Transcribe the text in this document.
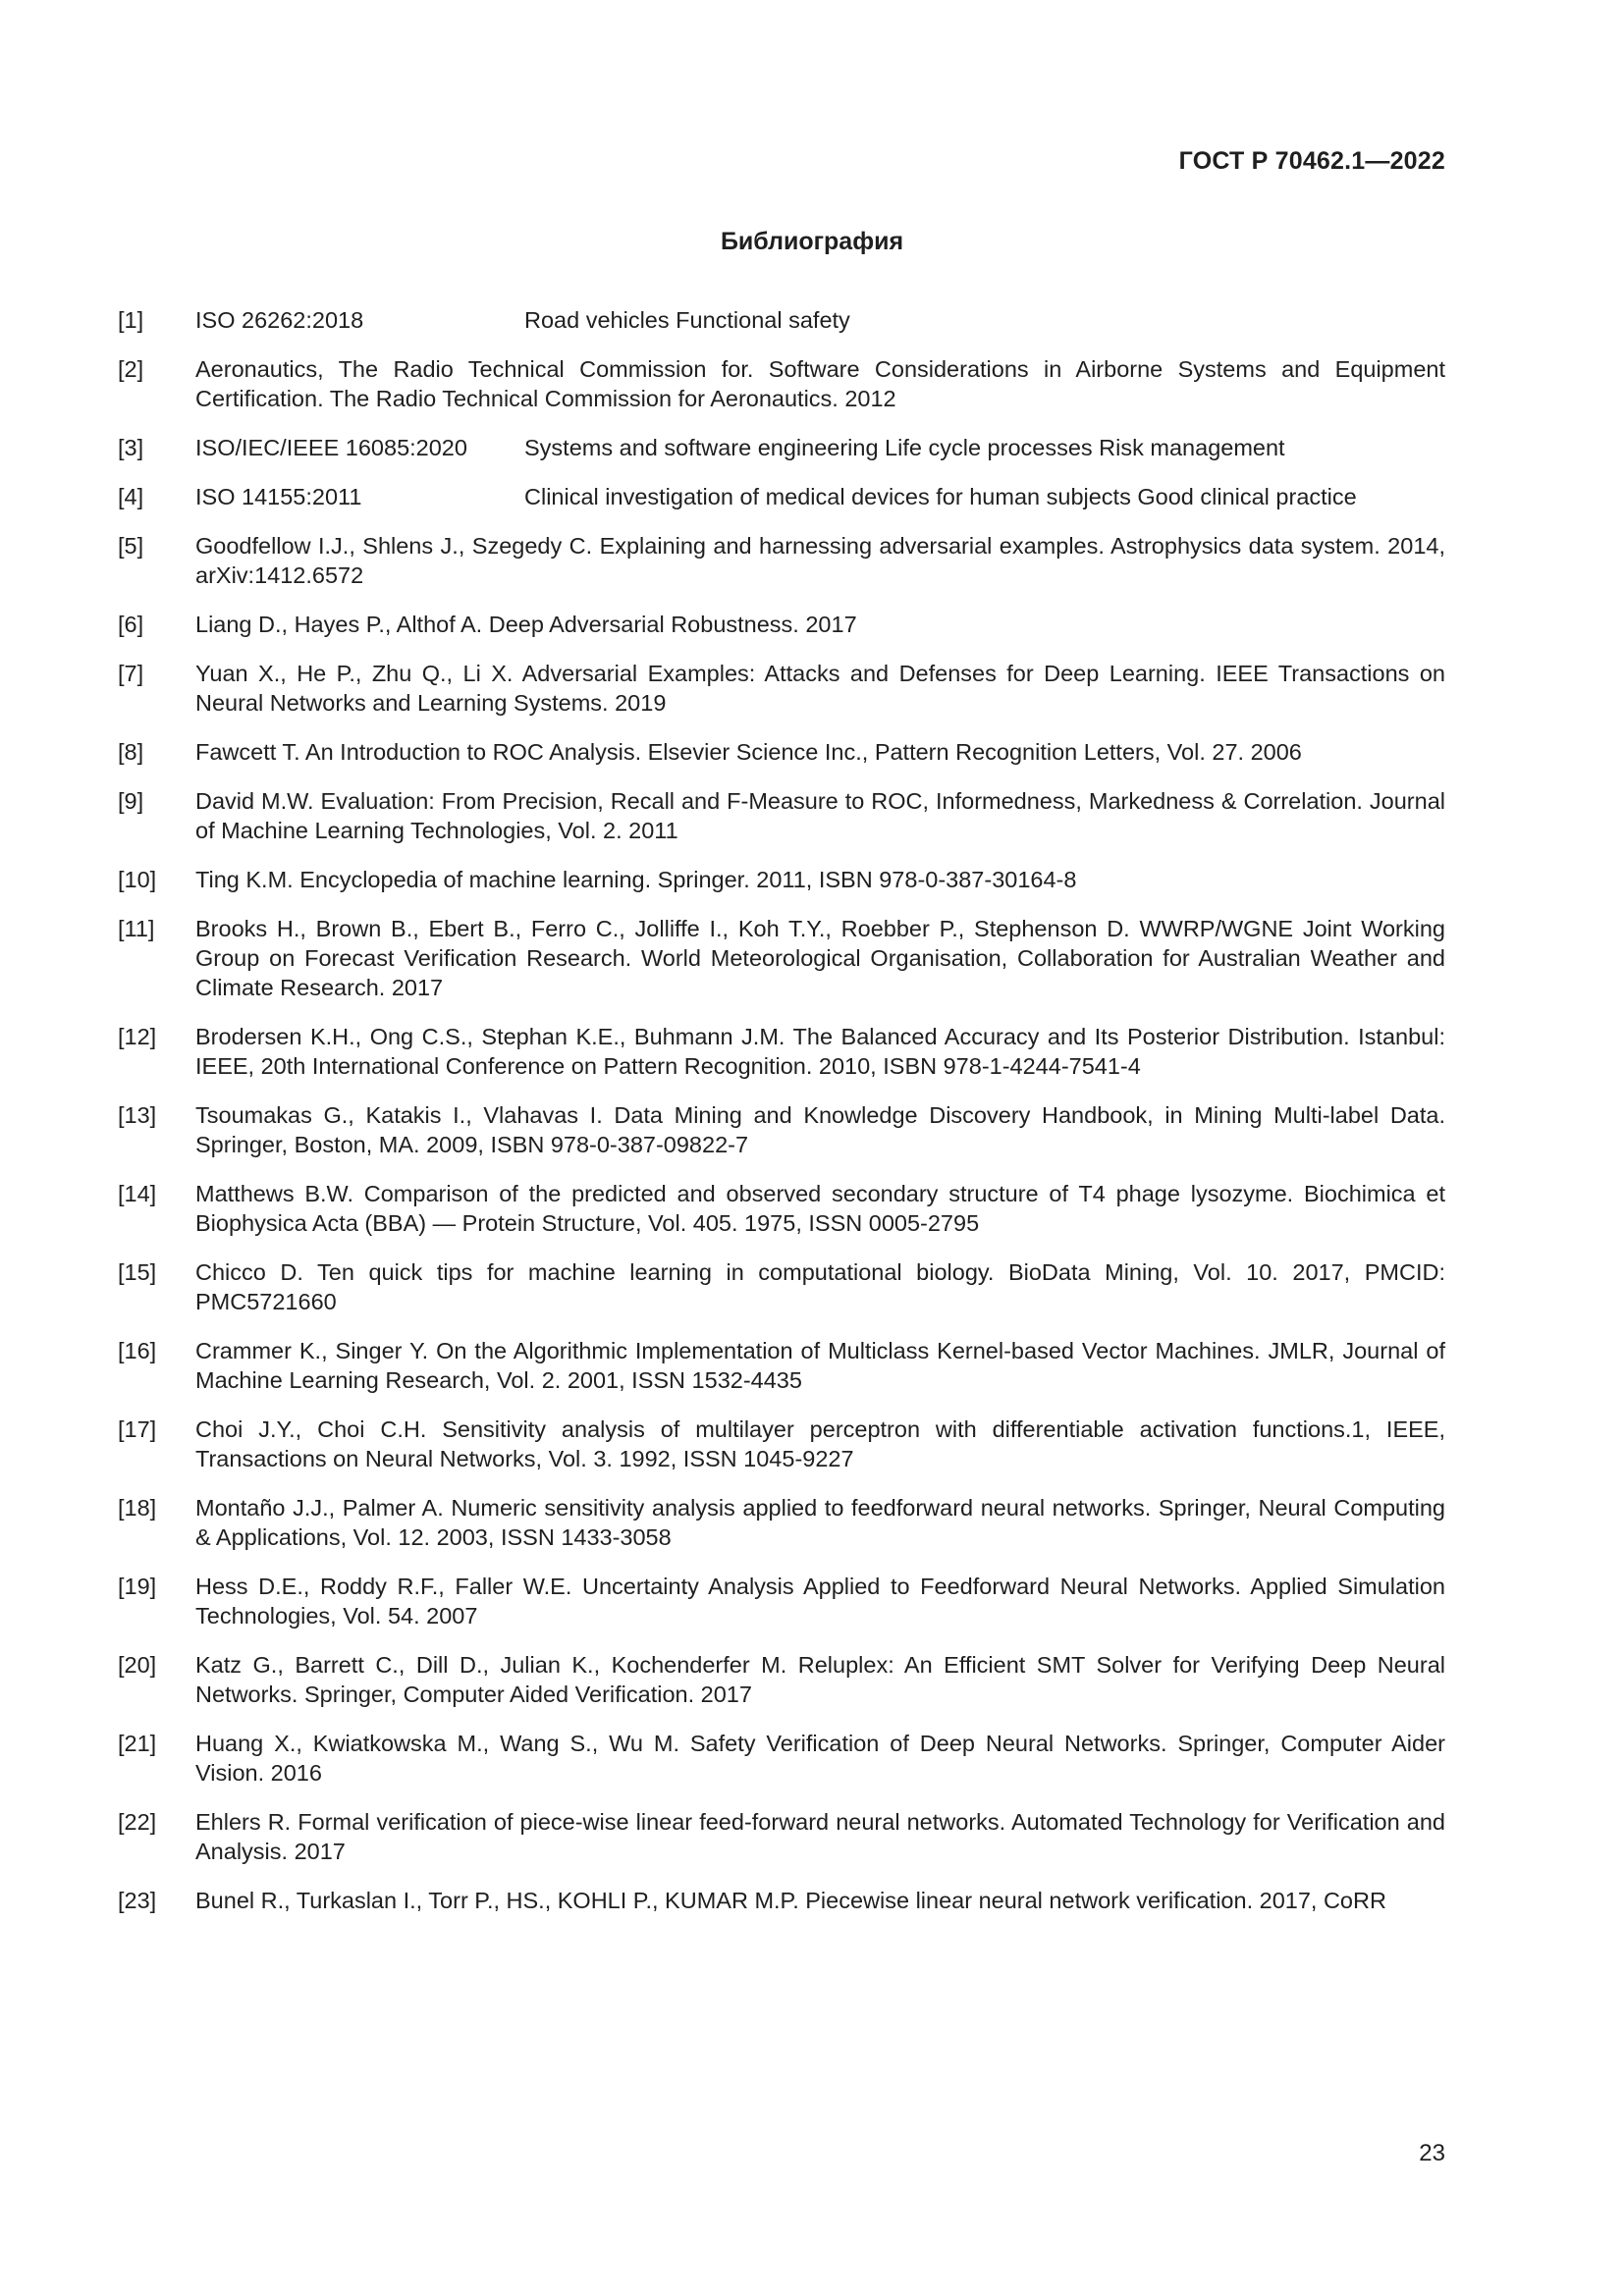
ГОСТ Р 70462.1—2022
Библиография
[1]	ISO 26262:2018	Road vehicles Functional safety
[2]	Aeronautics, The Radio Technical Commission for. Software Considerations in Airborne Systems and Equipment Certification. The Radio Technical Commission for Aeronautics. 2012
[3]	ISO/IEC/IEEE 16085:2020 Systems and software engineering Life cycle processes Risk management
[4]	ISO 14155:2011	Clinical investigation of medical devices for human subjects Good clinical practice
[5]	Goodfellow I.J., Shlens J., Szegedy C. Explaining and harnessing adversarial examples. Astrophysics data system. 2014, arXiv:1412.6572
[6]	Liang D., Hayes P., Althof A. Deep Adversarial Robustness. 2017
[7]	Yuan X., He P., Zhu Q., Li X. Adversarial Examples: Attacks and Defenses for Deep Learning. IEEE Transactions on Neural Networks and Learning Systems. 2019
[8]	Fawcett T. An Introduction to ROC Analysis. Elsevier Science Inc., Pattern Recognition Letters, Vol. 27. 2006
[9]	David M.W. Evaluation: From Precision, Recall and F-Measure to ROC, Informedness, Markedness & Correlation. Journal of Machine Learning Technologies, Vol. 2. 2011
[10]	Ting K.M. Encyclopedia of machine learning. Springer. 2011, ISBN 978-0-387-30164-8
[11]	Brooks H., Brown B., Ebert B., Ferro C., Jolliffe I., Koh T.Y., Roebber P., Stephenson D. WWRP/WGNE Joint Working Group on Forecast Verification Research. World Meteorological Organisation, Collaboration for Australian Weather and Climate Research. 2017
[12]	Brodersen K.H., Ong C.S., Stephan K.E., Buhmann J.M. The Balanced Accuracy and Its Posterior Distribution. Istanbul: IEEE, 20th International Conference on Pattern Recognition. 2010, ISBN 978-1-4244-7541-4
[13]	Tsoumakas G., Katakis I., Vlahavas I. Data Mining and Knowledge Discovery Handbook, in Mining Multi-label Data. Springer, Boston, MA. 2009, ISBN 978-0-387-09822-7
[14]	Matthews B.W. Comparison of the predicted and observed secondary structure of T4 phage lysozyme. Biochimica et Biophysica Acta (BBA) — Protein Structure, Vol. 405. 1975, ISSN 0005-2795
[15]	Chicco D. Ten quick tips for machine learning in computational biology. BioData Mining, Vol. 10. 2017, PMCID: PMC5721660
[16]	Crammer K., Singer Y. On the Algorithmic Implementation of Multiclass Kernel-based Vector Machines. JMLR, Journal of Machine Learning Research, Vol. 2. 2001, ISSN 1532-4435
[17]	Choi J.Y., Choi C.H. Sensitivity analysis of multilayer perceptron with differentiable activation functions.1, IEEE, Transactions on Neural Networks, Vol. 3. 1992, ISSN 1045-9227
[18]	Montaño J.J., Palmer A. Numeric sensitivity analysis applied to feedforward neural networks. Springer, Neural Computing & Applications, Vol. 12. 2003, ISSN 1433-3058
[19]	Hess D.E., Roddy R.F., Faller W.E. Uncertainty Analysis Applied to Feedforward Neural Networks. Applied Simulation Technologies, Vol. 54. 2007
[20]	Katz G., Barrett C., Dill D., Julian K., Kochenderfer M. Reluplex: An Efficient SMT Solver for Verifying Deep Neural Networks. Springer, Computer Aided Verification. 2017
[21]	Huang X., Kwiatkowska M., Wang S., Wu M. Safety Verification of Deep Neural Networks. Springer, Computer Aider Vision. 2016
[22]	Ehlers R. Formal verification of piece-wise linear feed-forward neural networks. Automated Technology for Verification and Analysis. 2017
[23]	Bunel R., Turkaslan I., Torr P., HS., KOHLI P., KUMAR M.P. Piecewise linear neural network verification. 2017, CoRR
23
